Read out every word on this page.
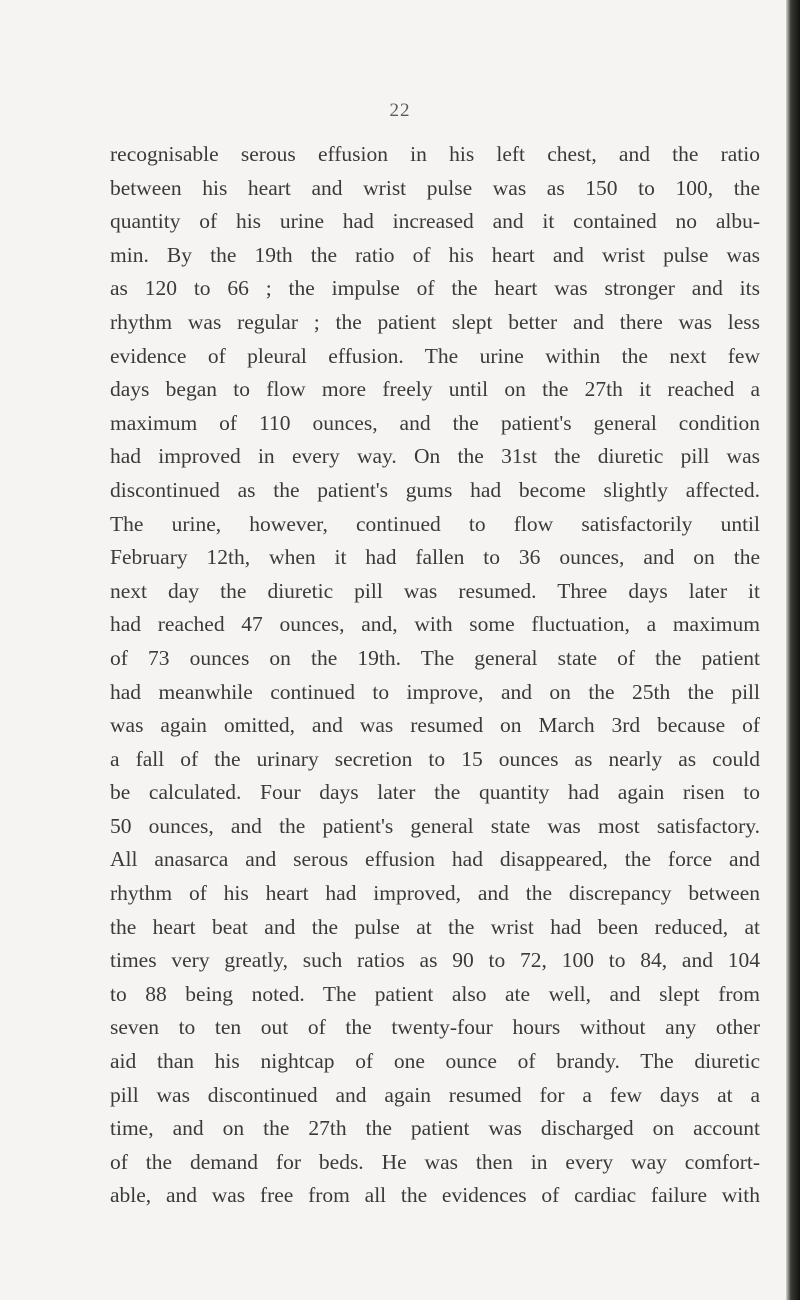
22
recognisable serous effusion in his left chest, and the ratio
between his heart and wrist pulse was as 150 to 100, the
quantity of his urine had increased and it contained no albu-
min. By the 19th the ratio of his heart and wrist pulse was
as 120 to 66 ; the impulse of the heart was stronger and its
rhythm was regular ; the patient slept better and there was less
evidence of pleural effusion. The urine within the next few
days began to flow more freely until on the 27th it reached a
maximum of 110 ounces, and the patient's general condition
had improved in every way. On the 31st the diuretic pill was
discontinued as the patient's gums had become slightly affected.
The urine, however, continued to flow satisfactorily until
February 12th, when it had fallen to 36 ounces, and on the
next day the diuretic pill was resumed. Three days later it
had reached 47 ounces, and, with some fluctuation, a maximum
of 73 ounces on the 19th. The general state of the patient
had meanwhile continued to improve, and on the 25th the pill
was again omitted, and was resumed on March 3rd because of
a fall of the urinary secretion to 15 ounces as nearly as could
be calculated. Four days later the quantity had again risen to
50 ounces, and the patient's general state was most satisfactory.
All anasarca and serous effusion had disappeared, the force and
rhythm of his heart had improved, and the discrepancy between
the heart beat and the pulse at the wrist had been reduced, at
times very greatly, such ratios as 90 to 72, 100 to 84, and 104
to 88 being noted. The patient also ate well, and slept from
seven to ten out of the twenty-four hours without any other
aid than his nightcap of one ounce of brandy. The diuretic
pill was discontinued and again resumed for a few days at a
time, and on the 27th the patient was discharged on account
of the demand for beds. He was then in every way comfort-
able, and was free from all the evidences of cardiac failure with
